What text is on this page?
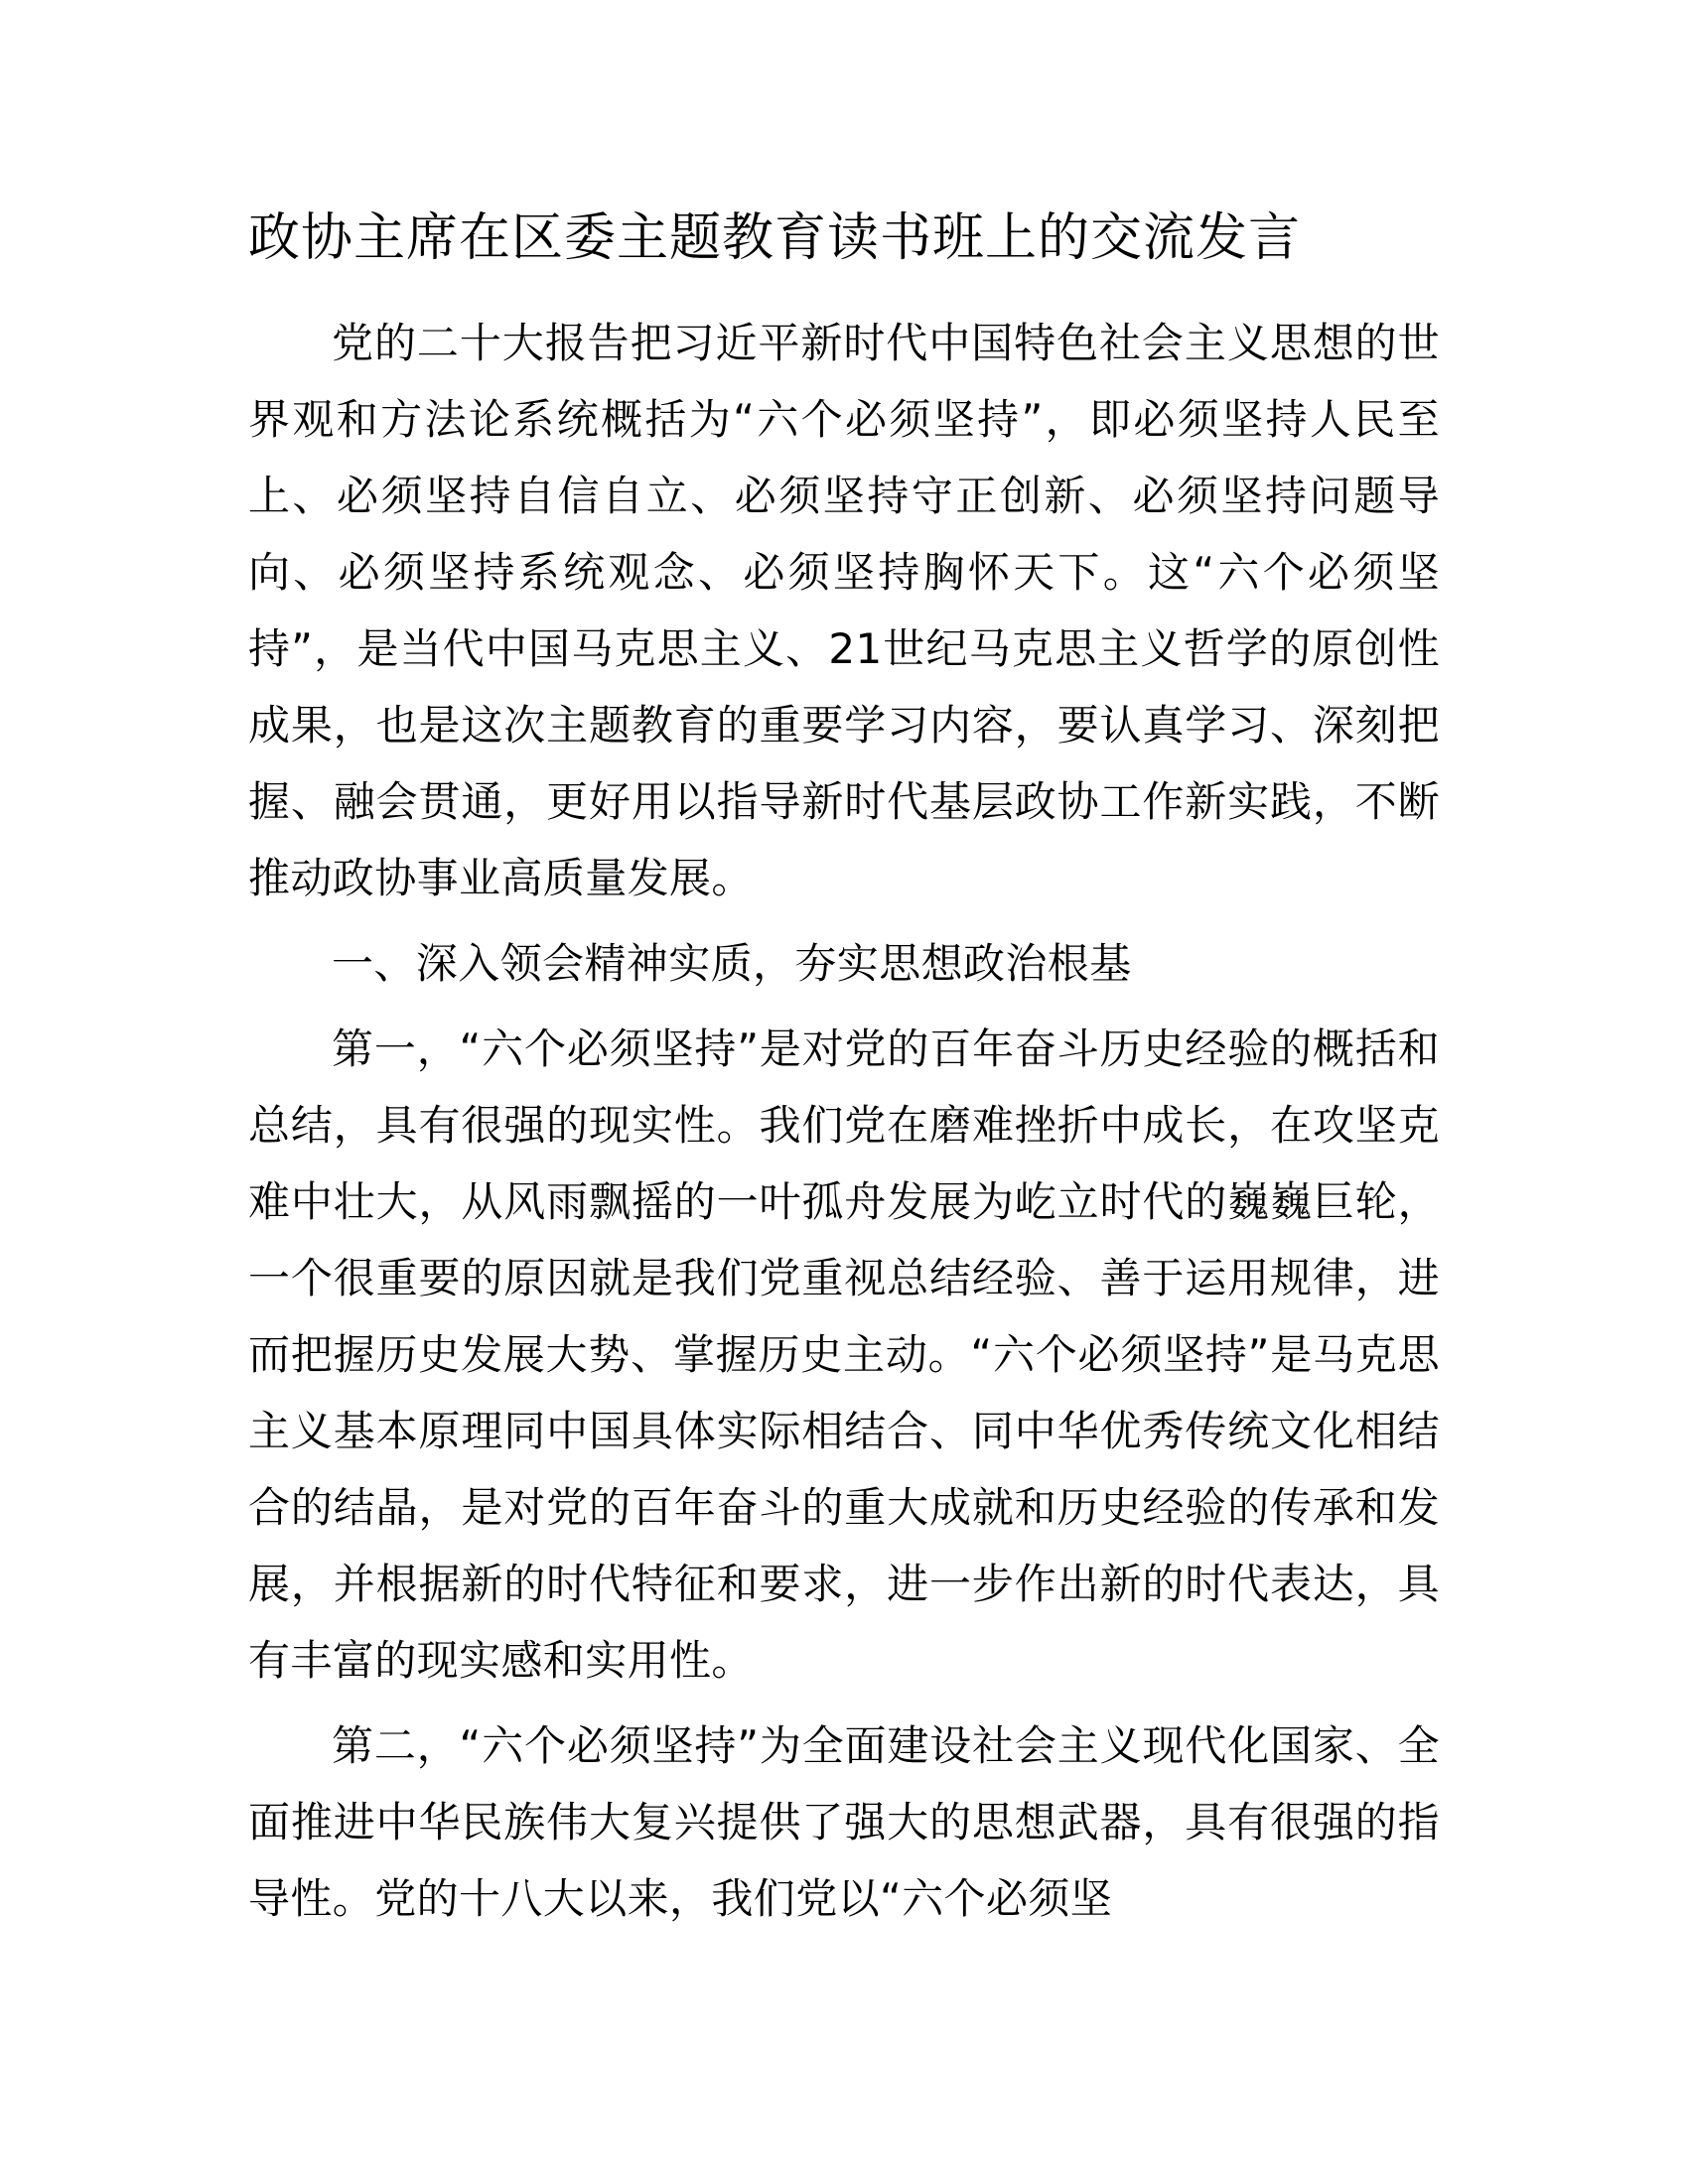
政协主席在区委主题教育读书班上的交流发言

党的二十大报告把习近平新时代中国特色社会主义思想的世界观和方法论系统概括为“六个必须坚持”，即必须坚持人民至上、必须坚持自信自立、必须坚持守正创新、必须坚持问题导向、必须坚持系统观念、必须坚持胸怀天下。这“六个必须坚持”，是当代中国马克思主义、21世纪马克思主义哲学的原创性成果，也是这次主题教育的重要学习内容，要认真学习、深刻把握、融会贯通，更好用以指导新时代基层政协工作新实践，不断推动政协事业高质量发展。

一、深入领会精神实质，夯实思想政治根基

第一，“六个必须坚持”是对党的百年奋斗历史经验的概括和总结，具有很强的现实性。我们党在磨难挫折中成长，在攻坚克难中壮大，从风雨飘摇的一叶孤舟发展为屹立时代的巍巍巨轮，一个很重要的原因就是我们党重视总结经验、善于运用规律，进而把握历史发展大势、掌握历史主动。“六个必须坚持”是马克思主义基本原理同中国具体实际相结合、同中华优秀传统文化相结合的结晶，是对党的百年奋斗的重大成就和历史经验的传承和发展，并根据新的时代特征和要求，进一步作出新的时代表达，具有丰富的现实感和实用性。

第二，“六个必须坚持”为全面建设社会主义现代化国家、全面推进中华民族伟大复兴提供了强大的思想武器，具有很强的指导性。党的十八大以来，我们党以“六个必须坚
